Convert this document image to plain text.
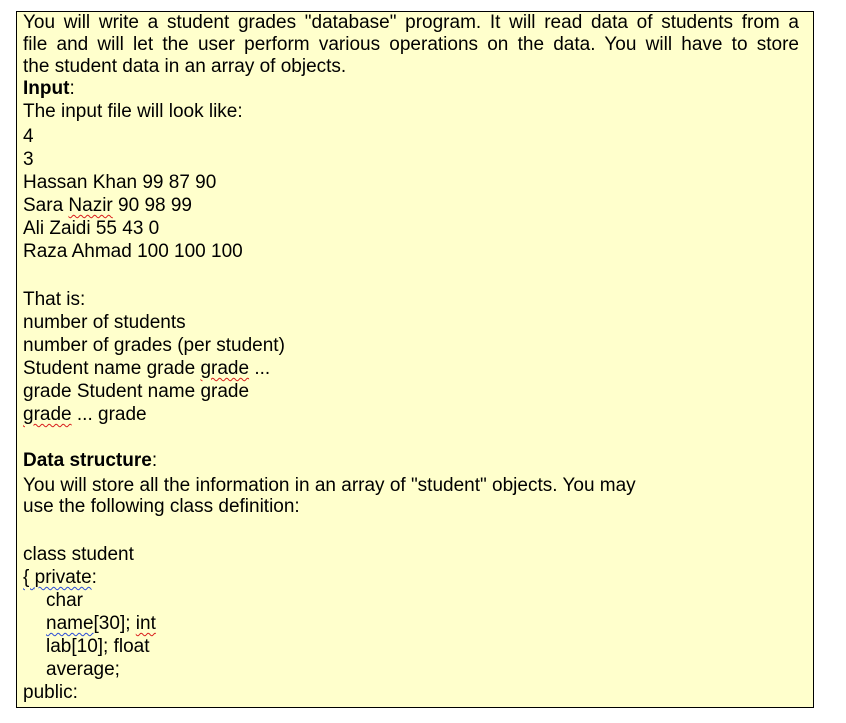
You will write a student grades "database" program. It will read data of students from a
file and will let the user perform various operations on the data. You will have to store
the student data in an array of objects.
Input:
The input file will look like:
4
3
Hassan Khan 99 87 90
Sara Nazir 90 98 99
Ali Zaidi 55 43 0
Raza Ahmad 100 100 100
That is:
number of students
number of grades (per student)
Student name grade grade ...
grade Student name grade
grade ... grade
Data structure:
You will store all the information in an array of "student" objects. You may
use the following class definition:
class student
{ private:
char
name[30]; int
lab[10]; float
average;
public:
